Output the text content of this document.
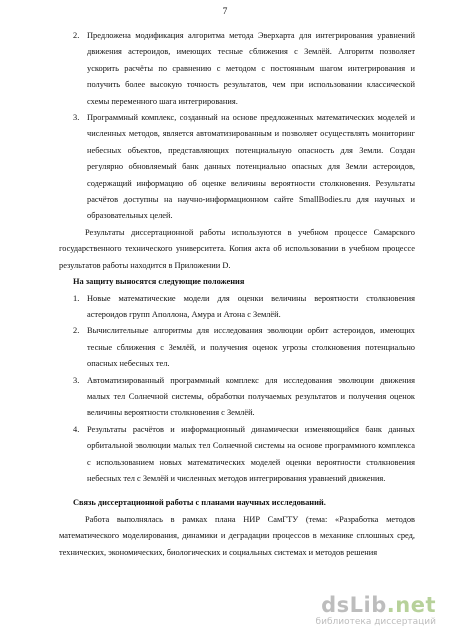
7
2. Предложена модификация алгоритма метода Эверхарта для интегрирования уравнений движения астероидов, имеющих тесные сближения с Землёй. Алгоритм позволяет ускорить расчёты по сравнению с методом с постоянным шагом интегрирования и получить более высокую точность результатов, чем при использовании классической схемы переменного шага интегрирования.
3. Программный комплекс, созданный на основе предложенных математических моделей и численных методов, является автоматизированным и позволяет осуществлять мониторинг небесных объектов, представляющих потенциальную опасность для Земли. Создан регулярно обновляемый банк данных потенциально опасных для Земли астероидов, содержащий информацию об оценке величины вероятности столкновения. Результаты расчётов доступны на научно-информационном сайте SmallBodies.ru для научных и образовательных целей.

Результаты диссертационной работы используются в учебном процессе Самарского государственного технического университета. Копия акта об использовании в учебном процессе результатов работы находится в Приложении D.

На защиту выносятся следующие положения
1. Новые математические модели для оценки величины вероятности столкновения астероидов групп Аполлона, Амура и Атона с Землёй.
2. Вычислительные алгоритмы для исследования эволюции орбит астероидов, имеющих тесные сближения с Землёй, и получения оценок угрозы столкновения потенциально опасных небесных тел.
3. Автоматизированный программный комплекс для исследования эволюции движения малых тел Солнечной системы, обработки получаемых результатов и получения оценок величины вероятности столкновения с Землёй.
4. Результаты расчётов и информационный динамически изменяющийся банк данных орбитальной эволюции малых тел Солнечной системы на основе программного комплекса с использованием новых математических моделей оценки вероятности столкновения небесных тел с Землёй и численных методов интегрирования уравнений движения.
Связь диссертационной работы с планами научных исследований.

Работа выполнялась в рамках плана НИР СамГТУ (тема: «Разработка методов математического моделирования, динамики и деградации процессов в механике сплошных сред, технических, экономических, биологических и социальных системах и методов решения

dsLib.net
библиотека диссертаций
